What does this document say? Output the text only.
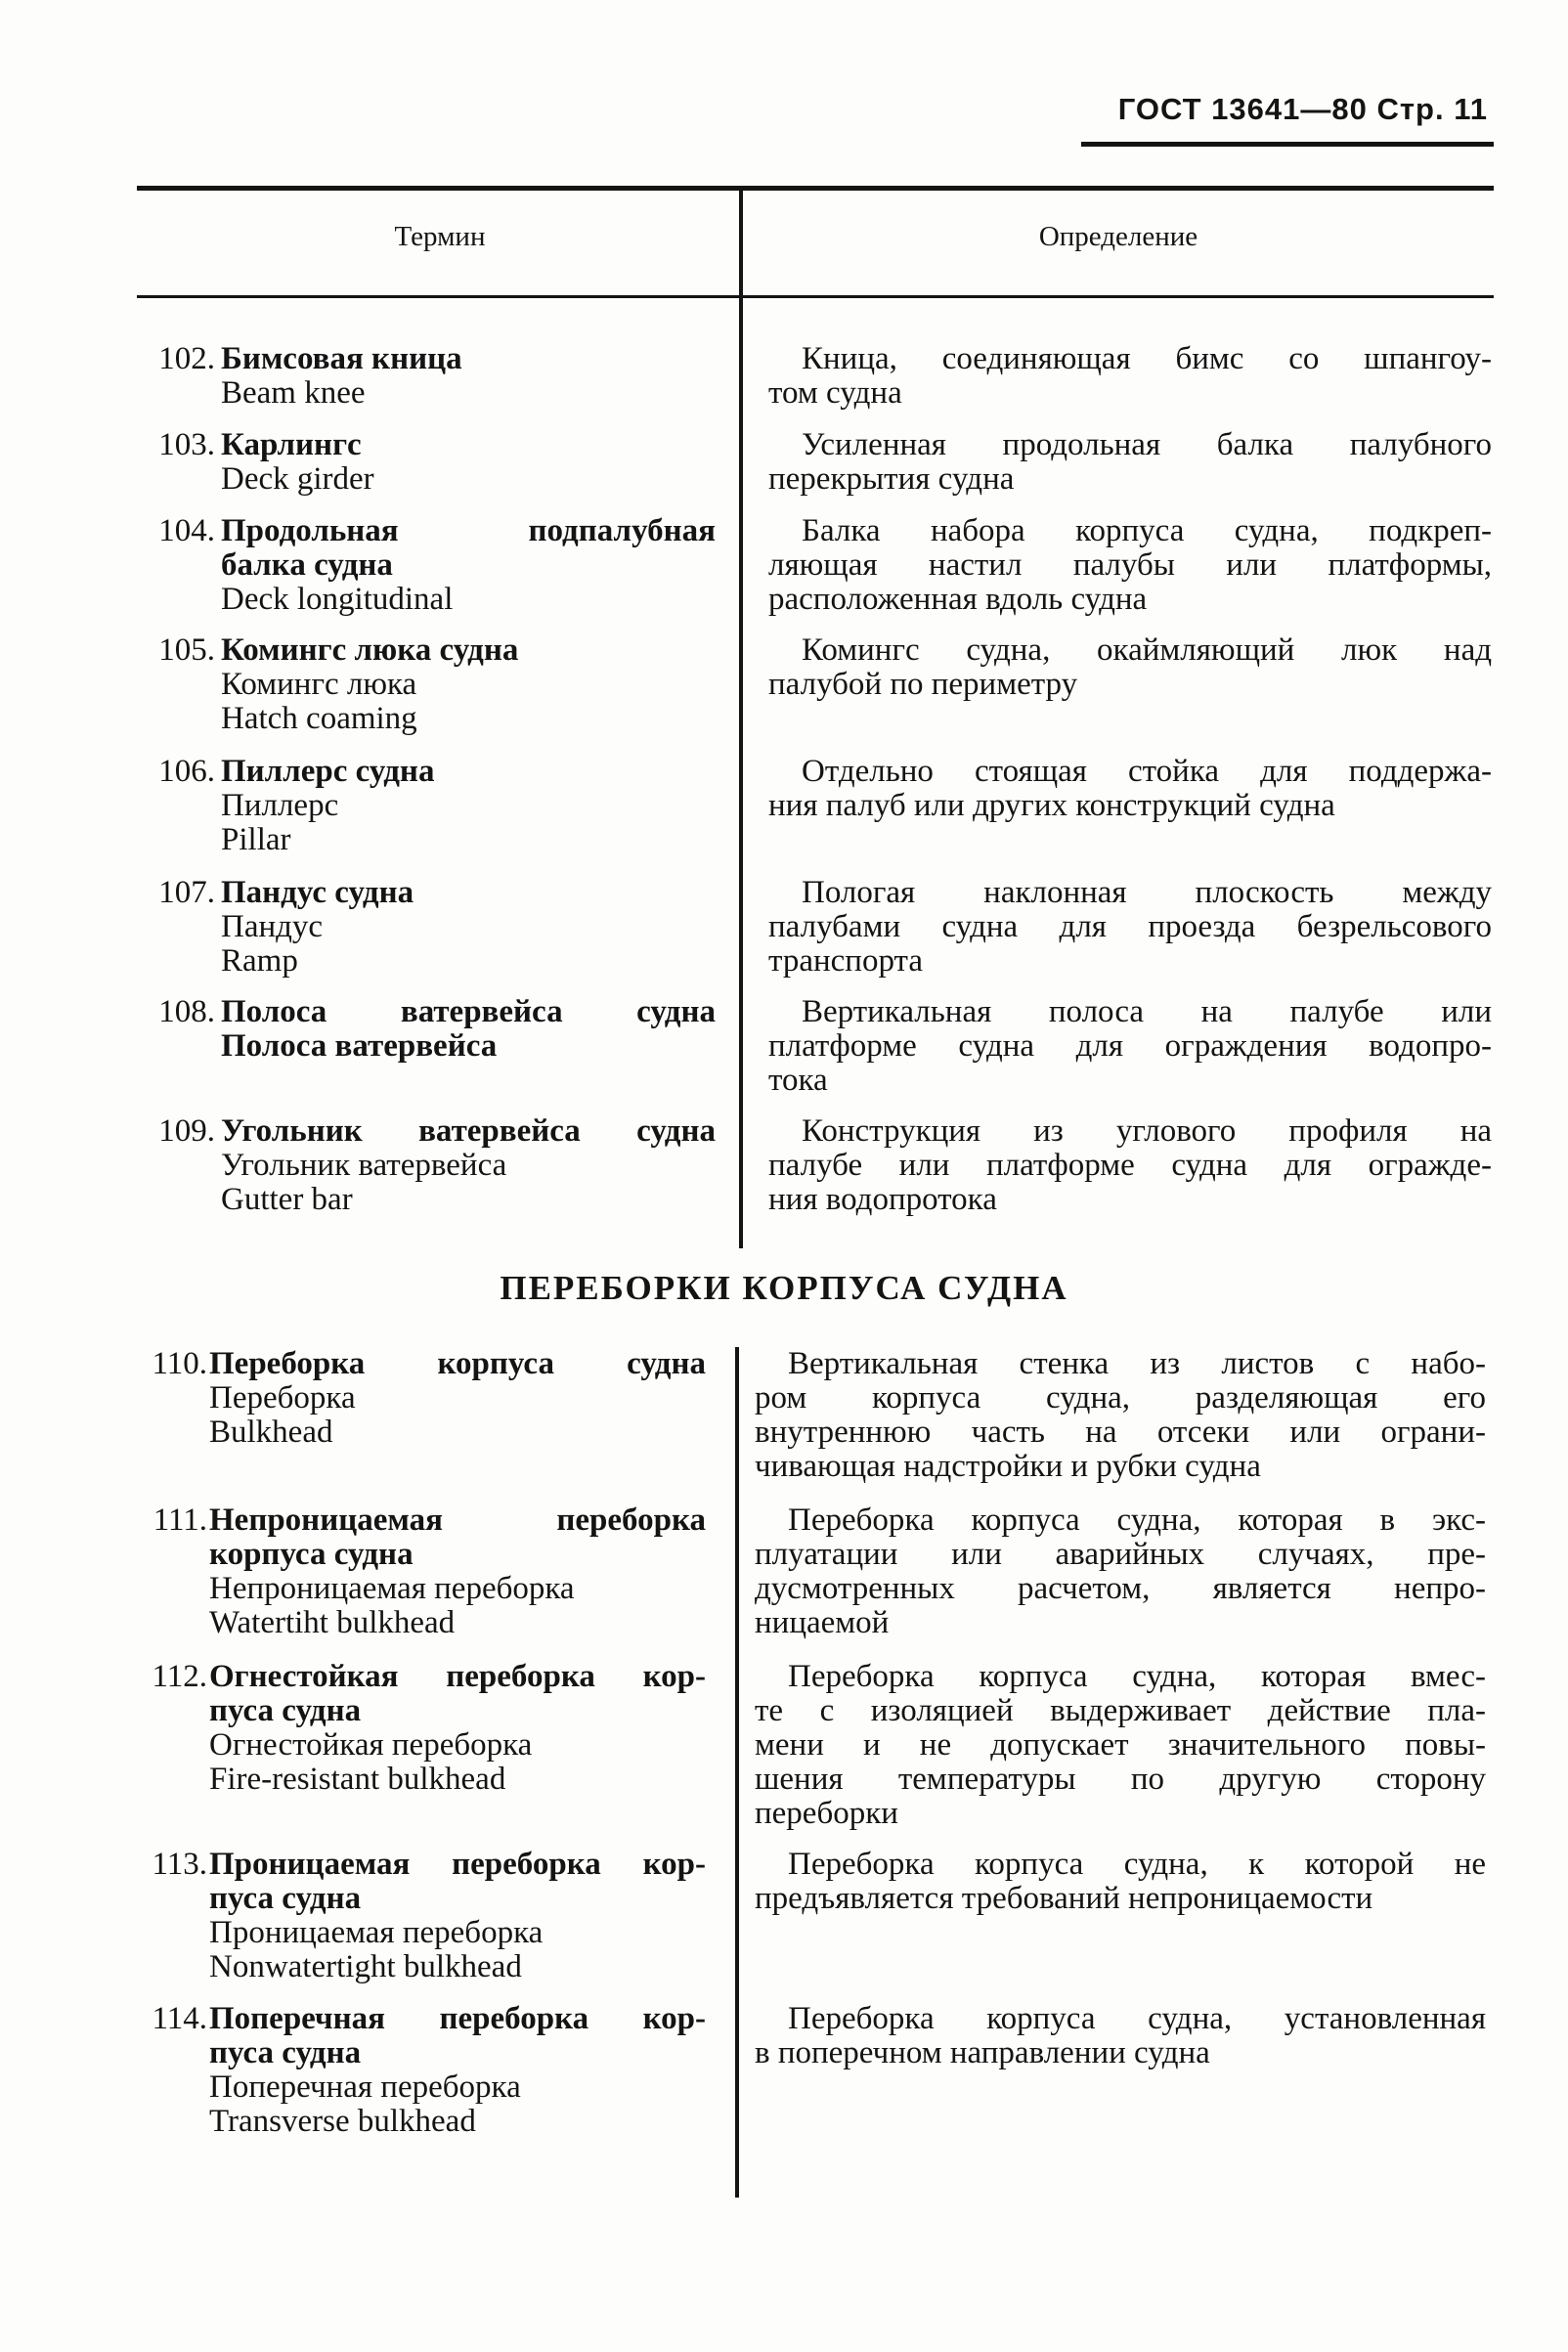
ГОСТ 13641—80 Стр. 11
Термин	Определение
ПЕРЕБОРКИ КОРПУСА СУДНА
102. Бимсовая кница
Beam knee
Кница, соединяющая бимс со шпангоу-
том судна
103. Карлингс
Deck girder
Усиленная продольная балка палубного
перекрытия судна
104. Продольная подпалубная
балка судна
Deck longitudinal
Балка набора корпуса судна, подкреп-
ляющая настил палубы или платформы,
расположенная вдоль судна
105. Комингс люка судна
Комингс люка
Hatch coaming
Комингс судна, окаймляющий люк над
палубой по периметру
106. Пиллерс судна
Пиллерс
Pillar
Отдельно стоящая стойка для поддержа-
ния палуб или других конструкций судна
107. Пандус судна
Пандус
Ramp
Пологая наклонная плоскость между
палубами судна для проезда безрельсового
транспорта
108. Полоса ватервейса судна
Полоса ватервейса
Вертикальная полоса на палубе или
платформе судна для ограждения водопро-
тока
109. Угольник ватервейса судна
Угольник ватервейса
Gutter bar
Конструкция из углового профиля на
палубе или платформе судна для огражде-
ния водопротока
110. Переборка корпуса судна
Переборка
Bulkhead
Вертикальная стенка из листов с набо-
ром корпуса судна, разделяющая его
внутреннюю часть на отсеки или ограни-
чивающая надстройки и рубки судна
111. Непроницаемая переборка
корпуса судна
Непроницаемая переборка
Watertiht bulkhead
Переборка корпуса судна, которая в экс-
плуатации или аварийных случаях, пре-
дусмотренных расчетом, является непро-
ницаемой
112. Огнестойкая переборка кор-
пуса судна
Огнестойкая переборка
Fire-resistant bulkhead
Переборка корпуса судна, которая вмес-
те с изоляцией выдерживает действие пла-
мени и не допускает значительного повы-
шения температуры по другую сторону
переборки
113. Проницаемая переборка кор-
пуса судна
Проницаемая переборка
Nonwatertight bulkhead
Переборка корпуса судна, к которой не
предъявляется требований непроницаемости
114. Поперечная переборка кор-
пуса судна
Поперечная переборка
Transverse bulkhead
Переборка корпуса судна, установленная
в поперечном направлении судна
